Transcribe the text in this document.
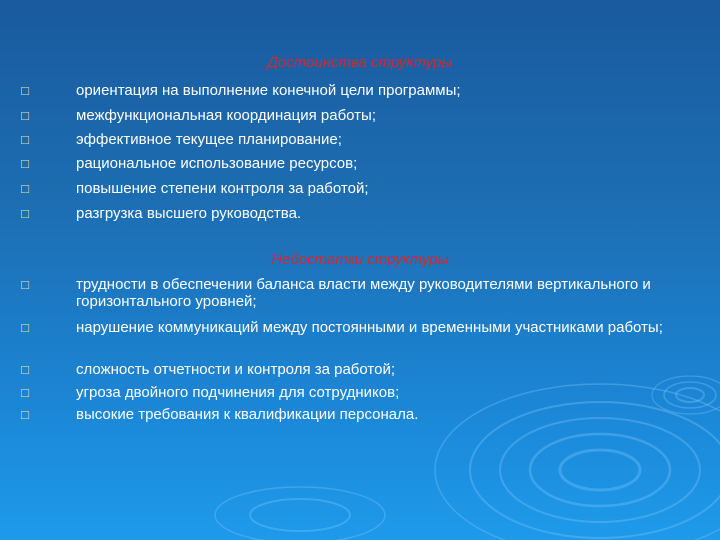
Достоинства структуры
□	ориентация на выполнение конечной цели программы;
□	межфункциональная координация работы;
□	эффективное текущее планирование;
□	рациональное использование ресурсов;
□	повышение степени контроля за работой;
□	разгрузка высшего руководства.
Недостатки структуры
□	трудности в обеспечении баланса власти между руководителями вертикального и горизонтального уровней;
□	нарушение коммуникаций между постоянными и временными участниками работы;
□	сложность отчетности и контроля за работой;
□	угроза двойного подчинения для сотрудников;
□	высокие требования к квалификации персонала.
